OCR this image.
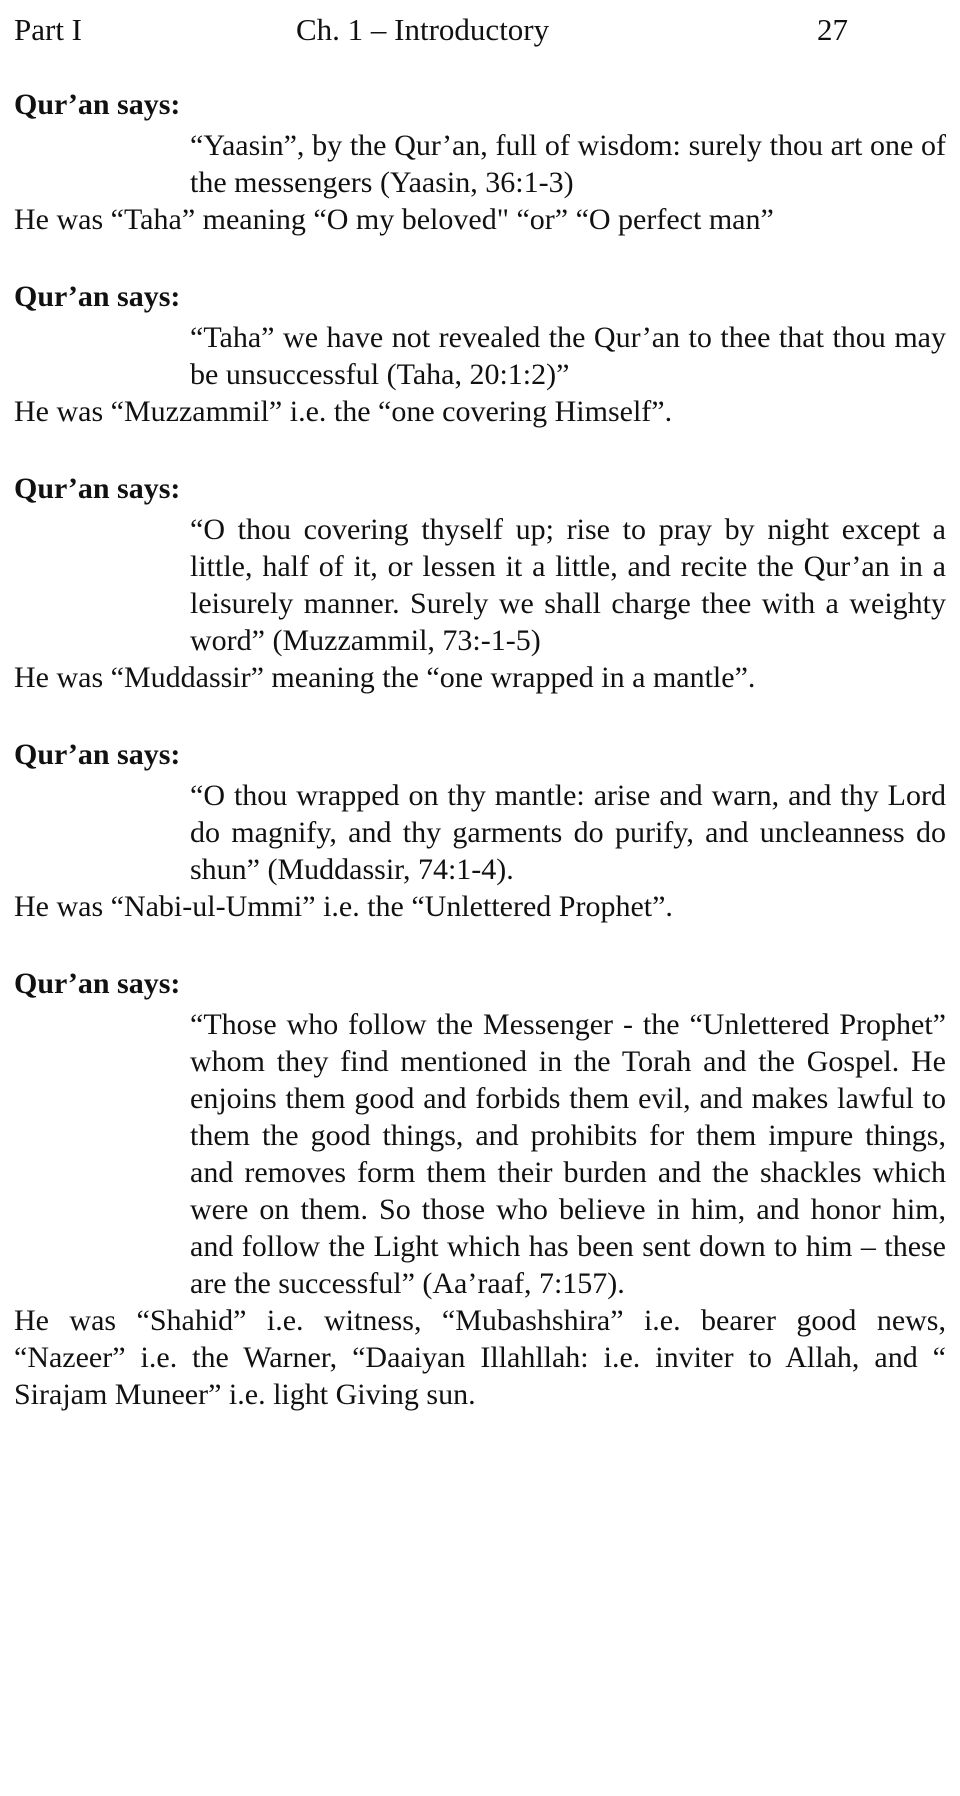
Part I	Ch. 1 – Introductory	27
Qur’an says:
“Yaasin”, by the Qur’an, full of wisdom: surely thou art one of the messengers (Yaasin, 36:1-3)
He was “Taha” meaning “O my beloved" “or” “O perfect man”
Qur’an says:
“Taha” we have not revealed the Qur’an to thee that thou may be unsuccessful (Taha, 20:1:2)”
He was “Muzzammil” i.e. the “one covering Himself”.
Qur’an says:
“O thou covering thyself up; rise to pray by night except a little, half of it, or lessen it a little, and recite the Qur’an in a leisurely manner. Surely we shall charge thee with a weighty word” (Muzzammil, 73:-1-5)
He was “Muddassir” meaning the “one wrapped in a mantle”.
Qur’an says:
“O thou wrapped on thy mantle: arise and warn, and thy Lord do magnify, and thy garments do purify, and uncleanness do shun” (Muddassir, 74:1-4).
He was “Nabi-ul-Ummi” i.e. the “Unlettered Prophet”.
Qur’an says:
“Those who follow the Messenger - the “Unlettered Prophet” whom they find mentioned in the Torah and the Gospel. He enjoins them good and forbids them evil, and makes lawful to them the good things, and prohibits for them impure things, and removes form them their burden and the shackles which were on them. So those who believe in him, and honor him, and follow the Light which has been sent down to him – these are the successful” (Aa’raaf, 7:157).
He was “Shahid” i.e. witness, “Mubashshira” i.e. bearer good news, “Nazeer” i.e. the Warner, “Daaiyan Illahllah: i.e. inviter to Allah, and “ Sirajam Muneer” i.e. light Giving sun.
